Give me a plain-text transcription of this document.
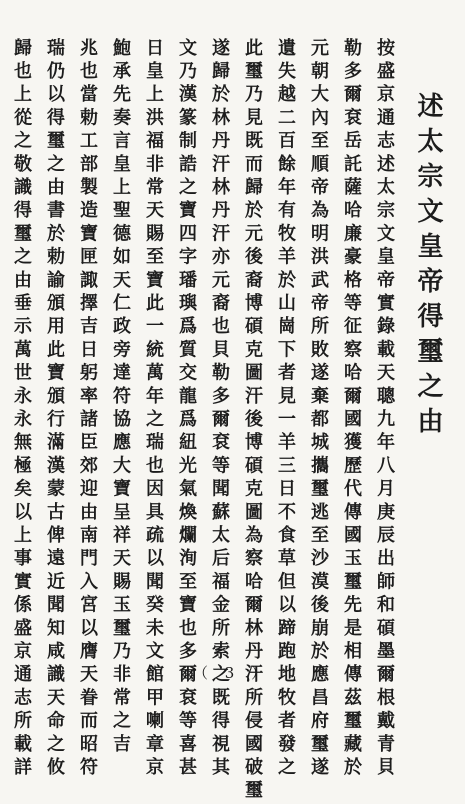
述太宗文皇帝得璽之由
按盛京通志述太宗文皇帝實錄載天聰九年八月庚辰出師和碩墨爾根戴青貝
勒多爾袞岳託薩哈廉豪格等征察哈爾國獲歷代傳國玉璽先是相傳茲璽藏於
元朝大內至順帝為明洪武帝所敗遂棄都城攜璽逃至沙漠後崩於應昌府璽遂
遺失越二百餘年有牧羊於山崗下者見一羊三日不食草但以蹄跑地牧者發之
此璽乃見既而歸於元後裔博碩克圖汗後博碩克圖為察哈爾林丹汗所侵國破璽
遂歸於林丹汗林丹汗亦元裔也貝勒多爾袞等聞蘇太后福金所索之既得視其
文乃漢篆制誥之寶四字璠璵爲質交龍爲紐光氣煥爛洵至寶也多爾袞等喜甚
日皇上洪福非常天賜至寶此一統萬年之瑞也因具疏以聞癸未文館甲喇章京
鮑承先奏言皇上聖德如天仁政旁達符協應大寶呈祥天賜玉璽乃非常之吉
兆也當勅工部製造寶匣諏擇吉日躬率諸臣郊迎由南門入宮以膺天眷而昭符
瑞仍以得璽之由書於勅諭頒用此寶頒行滿漢蒙古俾遠近聞知咸識天命之攸
歸也上從之敬識得璽之由垂示萬世永永無極矣以上事實係盛京通志所載詳	（ 3 ）
